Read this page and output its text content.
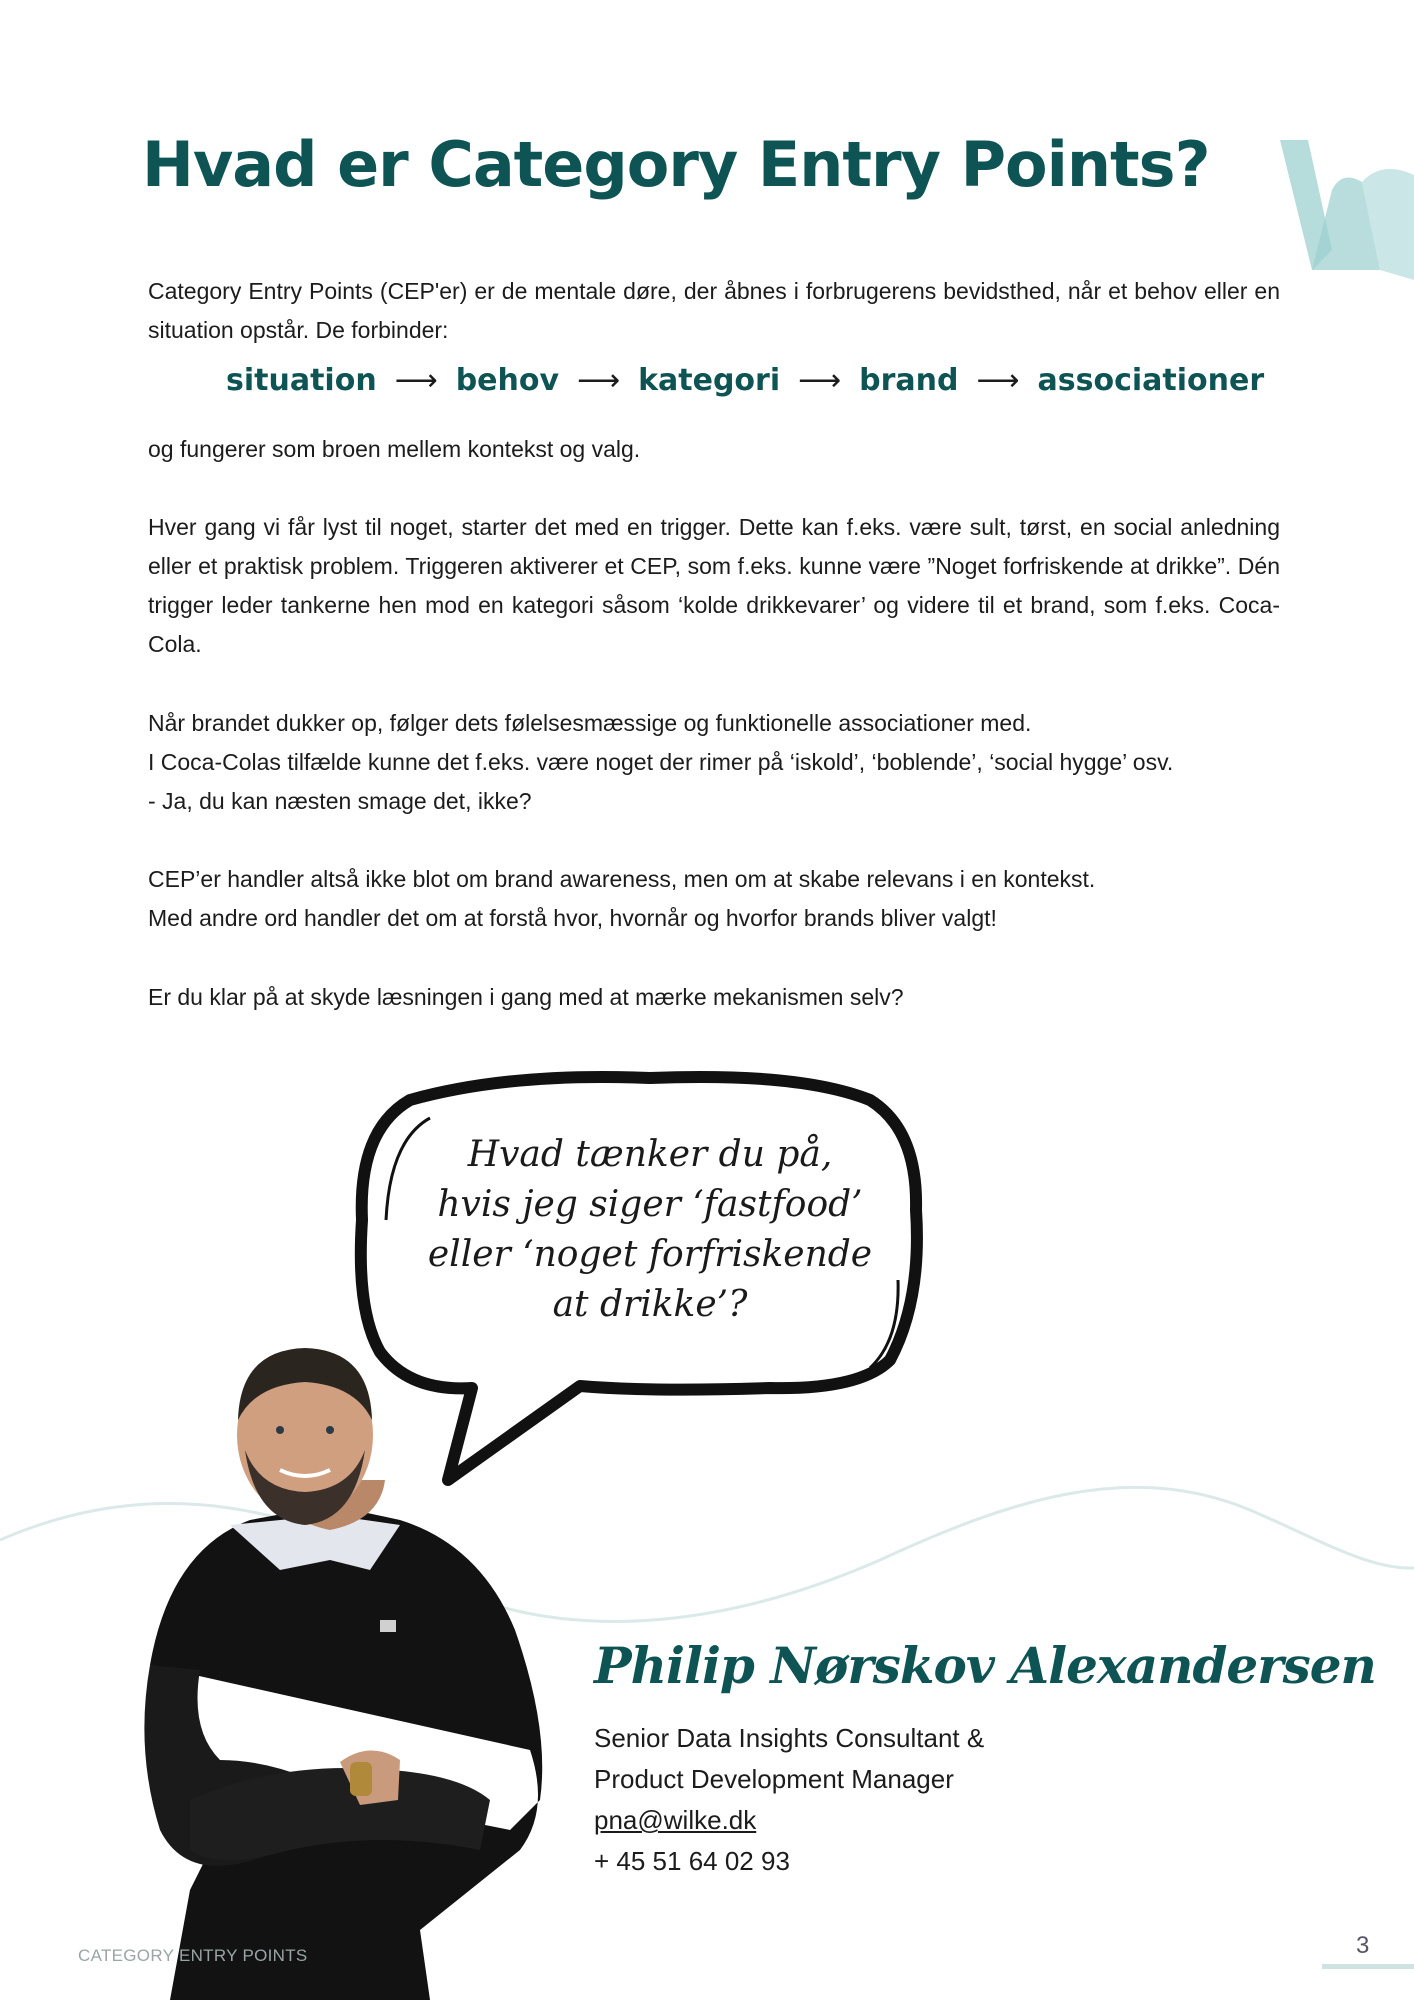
Hvad er Category Entry Points?

Category Entry Points (CEP'er) er de mentale døre, der åbnes i forbrugerens bevidsthed, når et behov eller en situation opstår. De forbinder:

situation ⟶ behov ⟶ kategori ⟶ brand ⟶ associationer

og fungerer som broen mellem kontekst og valg.

Hver gang vi får lyst til noget, starter det med en trigger. Dette kan f.eks. være sult, tørst, en social anledning eller et praktisk problem. Triggeren aktiverer et CEP, som f.eks. kunne være ”Noget forfriskende at drikke”. Dén trigger leder tankerne hen mod en kategori såsom ‘kolde drikkevarer’ og videre til et brand, som f.eks. Coca-Cola.

Når brandet dukker op, følger dets følelsesmæssige og funktionelle associationer med.
I Coca-Colas tilfælde kunne det f.eks. være noget der rimer på ‘iskold’, ‘boblende’, ‘social hygge’ osv.
- Ja, du kan næsten smage det, ikke?
CEP’er handler altså ikke blot om brand awareness, men om at skabe relevans i en kontekst.
Med andre ord handler det om at forstå hvor, hvornår og hvorfor brands bliver valgt!

Er du klar på at skyde læsningen i gang med at mærke mekanismen selv?

Hvad tænker du på,
hvis jeg siger ‘fastfood’
eller ‘noget forfriskende
at drikke’?
Philip Nørskov Alexandersen
Senior Data Insights Consultant &
Product Development Manager
pna@wilke.dk
+ 45 51 64 02 93
CATEGORY ENTRY POINTS	3
